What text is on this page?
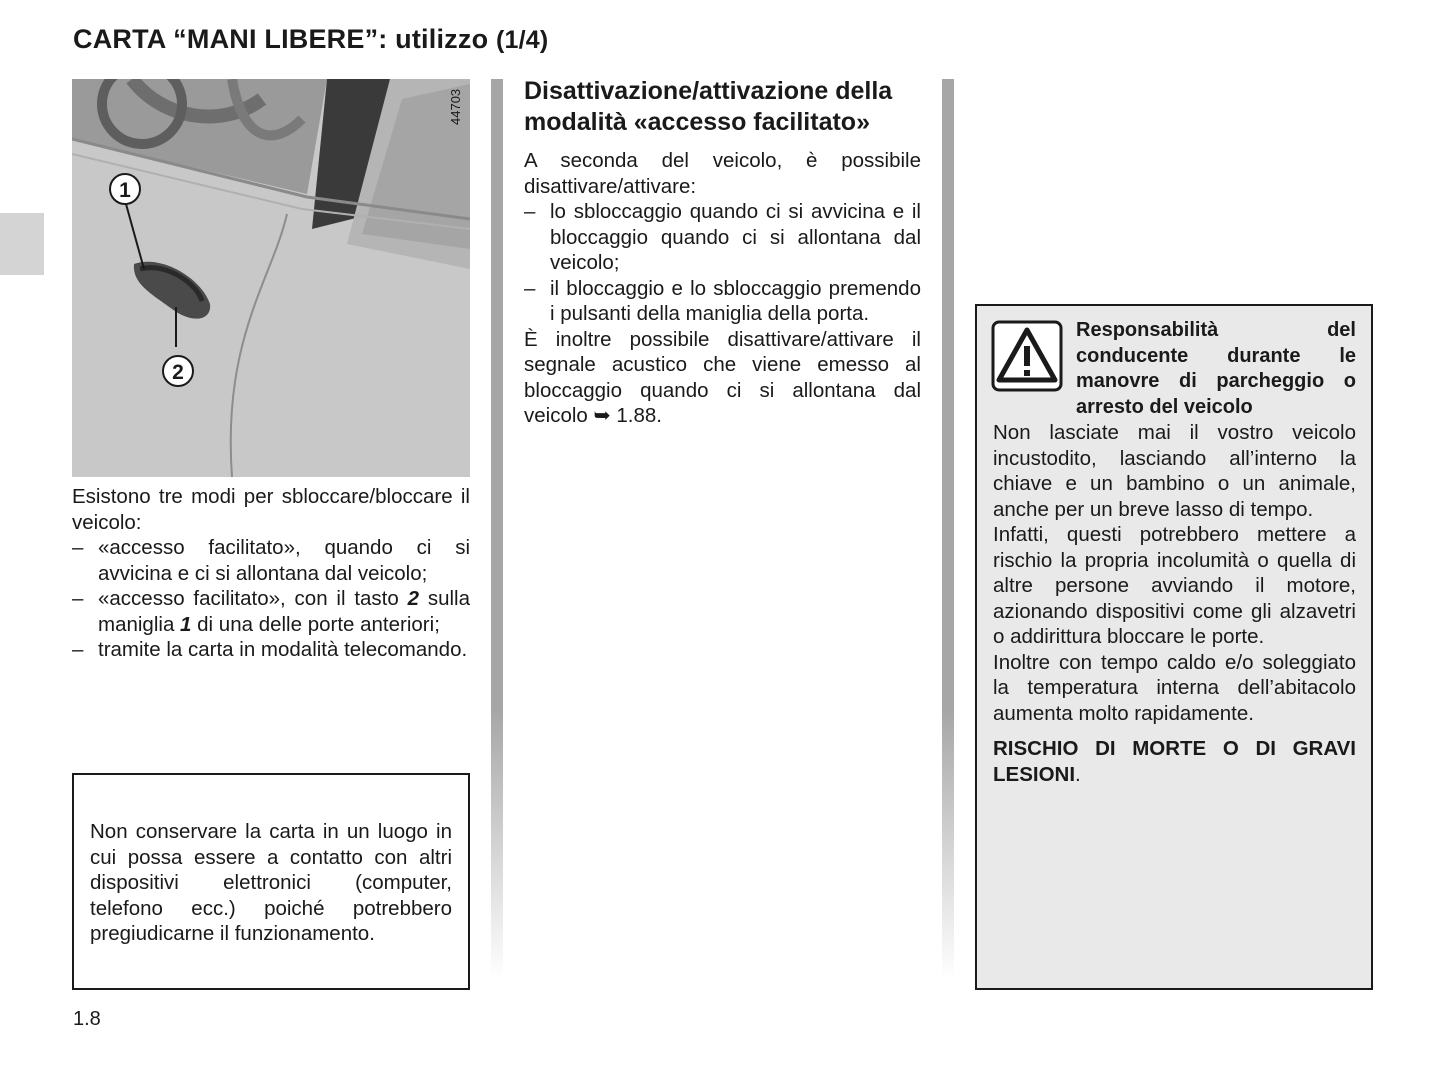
CARTA “MANI LIBERE”: utilizzo (1/4)
1
2
44703

Esistono tre modi per sbloccare/bloccare il veicolo:

– «accesso facilitato», quando ci si avvicina e ci si allontana dal veicolo;
– «accesso facilitato», con il tasto 2 sulla maniglia 1 di una delle porte anteriori;
– tramite la carta in modalità telecomando.

Non conservare la carta in un luogo in cui possa essere a contatto con altri dispositivi elettronici (computer, telefono ecc.) poiché potrebbero pregiudicarne il funzionamento.

Disattivazione/attivazione della modalità «accesso facilitato»

A seconda del veicolo, è possibile disattivare/attivare:

– lo sbloccaggio quando ci si avvicina e il bloccaggio quando ci si allontana dal veicolo;
– il bloccaggio e lo sbloccaggio premendo i pulsanti della maniglia della porta.

È inoltre possibile disattivare/attivare il segnale acustico che viene emesso al bloccaggio quando ci si allontana dal veicolo ➥ 1.88.

Responsabilità del conducente durante le manovre di parcheggio o arresto del veicolo

Non lasciate mai il vostro veicolo incustodito, lasciando all’interno la chiave e un bambino o un animale, anche per un breve lasso di tempo.

Infatti, questi potrebbero mettere a rischio la propria incolumità o quella di altre persone avviando il motore, azionando dispositivi come gli alzavetri o addirittura bloccare le porte.

Inoltre con tempo caldo e/o soleggiato la temperatura interna dell’abitacolo aumenta molto rapidamente.

RISCHIO DI MORTE O DI GRAVI LESIONI.

1.8
